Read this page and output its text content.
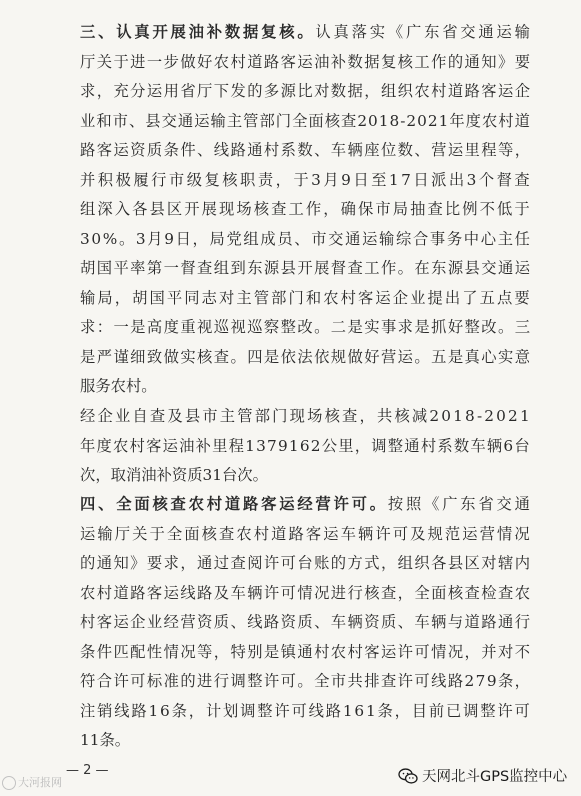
三 、 认 真 开 展 油 补 数 据 复 核 。 认 真 落 实 《 广 东 省 交 通 运 输
厅 关 于 进 一 步 做 好 农 村 道 路 客 运 油 补 数 据 复 核 工 作 的 通 知 》 要
求 ， 充 分 运 用 省 厅 下 发 的 多 源 比 对 数 据 ， 组 织 农 村 道 路 客 运 企
业 和 市 、 县 交 通 运 输 主 管 部 门 全 面 核 查 2 0 1 8 - 2 0 2 1 年 度 农 村 道
路 客 运 资 质 条 件 、 线 路 通 村 系 数 、 车 辆 座 位 数 、 营 运 里 程 等 ，
并 积 极 履 行 市 级 复 核 职 责 ， 于 3 月 9 日 至 1 7 日 派 出 3 个 督 查
组 深 入 各 县 区 开 展 现 场 核 查 工 作 ， 确 保 市 局 抽 查 比 例 不 低 于
3 0 % 。 3 月 9 日 ， 局 党 组 成 员 、 市 交 通 运 输 综 合 事 务 中 心 主 任
胡 国 平 率 第 一 督 查 组 到 东 源 县 开 展 督 查 工 作 。 在 东 源 县 交 通 运
输 局 ， 胡 国 平 同 志 对 主 管 部 门 和 农 村 客 运 企 业 提 出 了 五 点 要
求 ： 一 是 高 度 重 视 巡 视 巡 察 整 改 。 二 是 实 事 求 是 抓 好 整 改 。 三
是 严 谨 细 致 做 实 核 查 。 四 是 依 法 依 规 做 好 营 运 。 五 是 真 心 实 意
服 务 农 村 。
经 企 业 自 查 及 县 市 主 管 部 门 现 场 核 查 ， 共 核 减 2 0 1 8 - 2 0 2 1
年 度 农 村 客 运 油 补 里 程 1 3 7 9 1 6 2 公 里 ， 调 整 通 村 系 数 车 辆 6 台
次 ， 取 消 油 补 资 质 3 1 台 次 。
四 、 全 面 核 查 农 村 道 路 客 运 经 营 许 可 。 按 照 《 广 东 省 交 通
运 输 厅 关 于 全 面 核 查 农 村 道 路 客 运 车 辆 许 可 及 规 范 运 营 情 况
的 通 知 》 要 求 ， 通 过 查 阅 许 可 台 账 的 方 式 ， 组 织 各 县 区 对 辖 内
农 村 道 路 客 运 线 路 及 车 辆 许 可 情 况 进 行 核 查 ， 全 面 核 查 检 查 农
村 客 运 企 业 经 营 资 质 、 线 路 资 质 、 车 辆 资 质 、 车 辆 与 道 路 通 行
条 件 匹 配 性 情 况 等 ， 特 别 是 镇 通 村 农 村 客 运 许 可 情 况 ， 并 对 不
符 合 许 可 标 准 的 进 行 调 整 许 可 。 全 市 共 排 查 许 可 线 路 2 7 9 条 ，
注 销 线 路 1 6 条 ， 计 划 调 整 许 可 线 路 1 6 1 条 ， 目 前 已 调 整 许 可
1 1 条 。
— 2 —
大河报网	天网北斗GPS监控中心
